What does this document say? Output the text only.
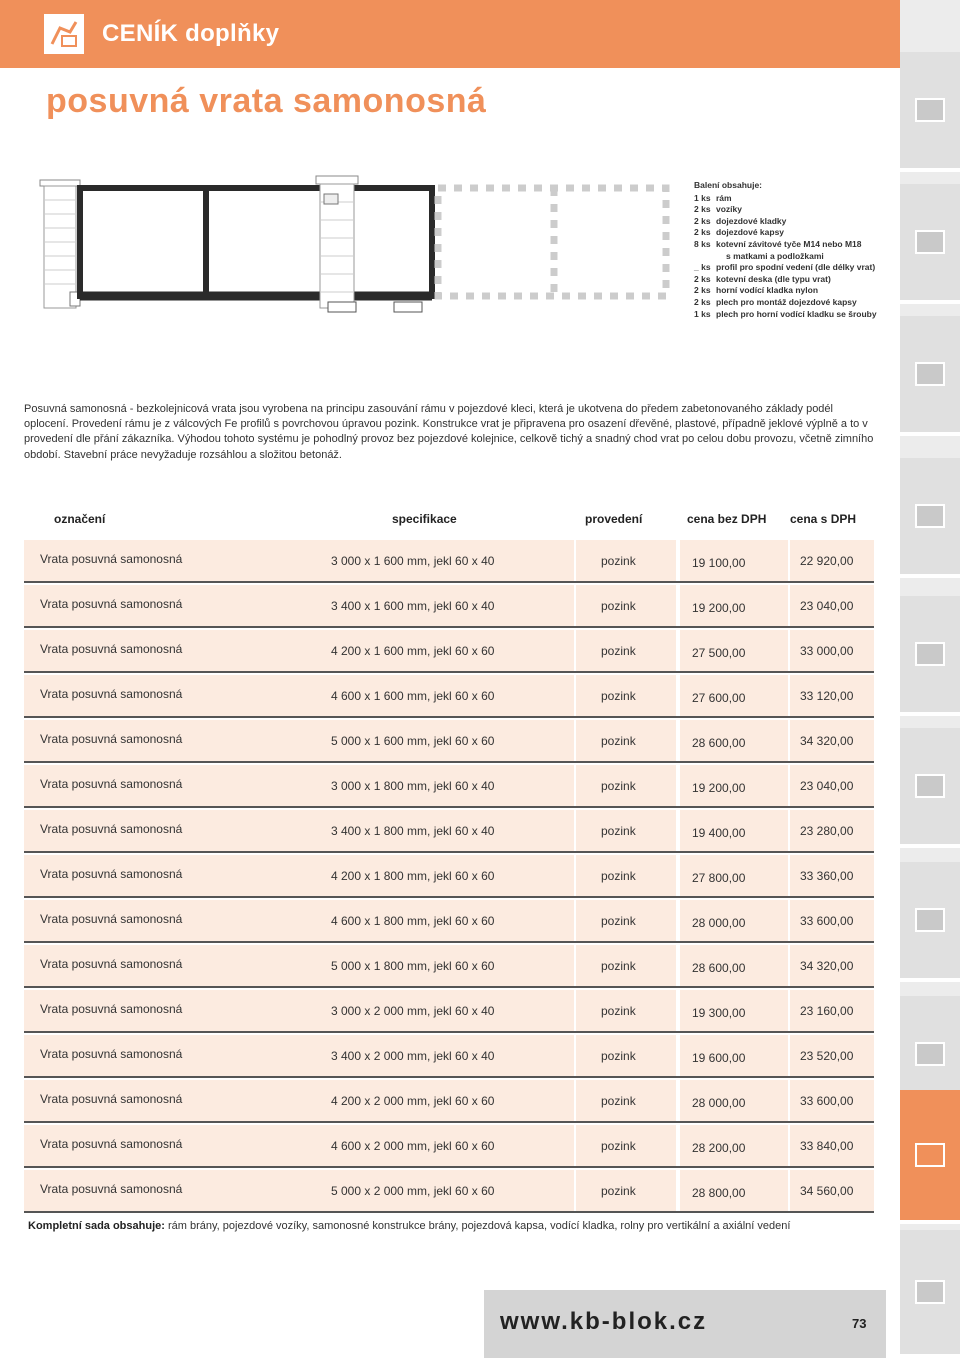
CENÍK doplňky
posuvná vrata samonosná
Balení obsahuje:
1 ks rám
2 ks vozíky
2 ks dojezdové kladky
2 ks dojezdové kapsy
8 ks kotevní závitové tyče M14 nebo M18
s matkami a podložkami
_ ks profil pro spodní vedení (dle délky vrat)
2 ks kotevní deska (dle typu vrat)
2 ks horní vodící kladka nylon
2 ks plech pro montáž dojezdové kapsy
1 ks plech pro horní vodící kladku se šrouby
Posuvná samonosná - bezkolejnicová vrata jsou vyrobena na principu zasouvání rámu v pojezdové kleci, která je ukotvena do předem zabetonovaného základy podél oplocení. Provedení rámu je z válcových Fe profilů s povrchovou úpravou pozink. Konstrukce vrat je připravena pro osazení dřevěné, plastové, případně jeklové výplně a to v provedení dle přání zákazníka. Výhodou tohoto systému je pohodlný provoz bez pojezdové kolejnice, celkově tichý a snadný chod vrat po celou dobu provozu, včetně zimního období. Stavební práce nevyžaduje rozsáhlou a složitou betonáž.
označení	specifikace	provedení	cena bez DPH cena s DPH
Vrata posuvná samonosná	3 000 x 1 600 mm, jekl 60 x 40	pozink	19 100,00	22 920,00
Vrata posuvná samonosná	3 400 x 1 600 mm, jekl 60 x 40	pozink	19 200,00	23 040,00
Vrata posuvná samonosná	4 200 x 1 600 mm, jekl 60 x 60	pozink	27 500,00	33 000,00
Vrata posuvná samonosná	4 600 x 1 600 mm, jekl 60 x 60	pozink	27 600,00	33 120,00
Vrata posuvná samonosná	5 000 x 1 600 mm, jekl 60 x 60	pozink	28 600,00	34 320,00
Vrata posuvná samonosná	3 000 x 1 800 mm, jekl 60 x 40	pozink	19 200,00	23 040,00
Vrata posuvná samonosná	3 400 x 1 800 mm, jekl 60 x 40	pozink	19 400,00	23 280,00
Vrata posuvná samonosná	4 200 x 1 800 mm, jekl 60 x 60	pozink	27 800,00	33 360,00
Vrata posuvná samonosná	4 600 x 1 800 mm, jekl 60 x 60	pozink	28 000,00	33 600,00
Vrata posuvná samonosná	5 000 x 1 800 mm, jekl 60 x 60	pozink	28 600,00	34 320,00
Vrata posuvná samonosná	3 000 x 2 000 mm, jekl 60 x 40	pozink	19 300,00	23 160,00
Vrata posuvná samonosná	3 400 x 2 000 mm, jekl 60 x 40	pozink	19 600,00	23 520,00
Vrata posuvná samonosná	4 200 x 2 000 mm, jekl 60 x 60	pozink	28 000,00	33 600,00
Vrata posuvná samonosná	4 600 x 2 000 mm, jekl 60 x 60	pozink	28 200,00	33 840,00
Vrata posuvná samonosná	5 000 x 2 000 mm, jekl 60 x 60	pozink	28 800,00	34 560,00
Kompletní sada obsahuje: rám brány, pojezdové vozíky, samonosné konstrukce brány, pojezdová kapsa, vodící kladka, rolny pro vertikální a axiální vedení
www.kb-blok.cz	73
